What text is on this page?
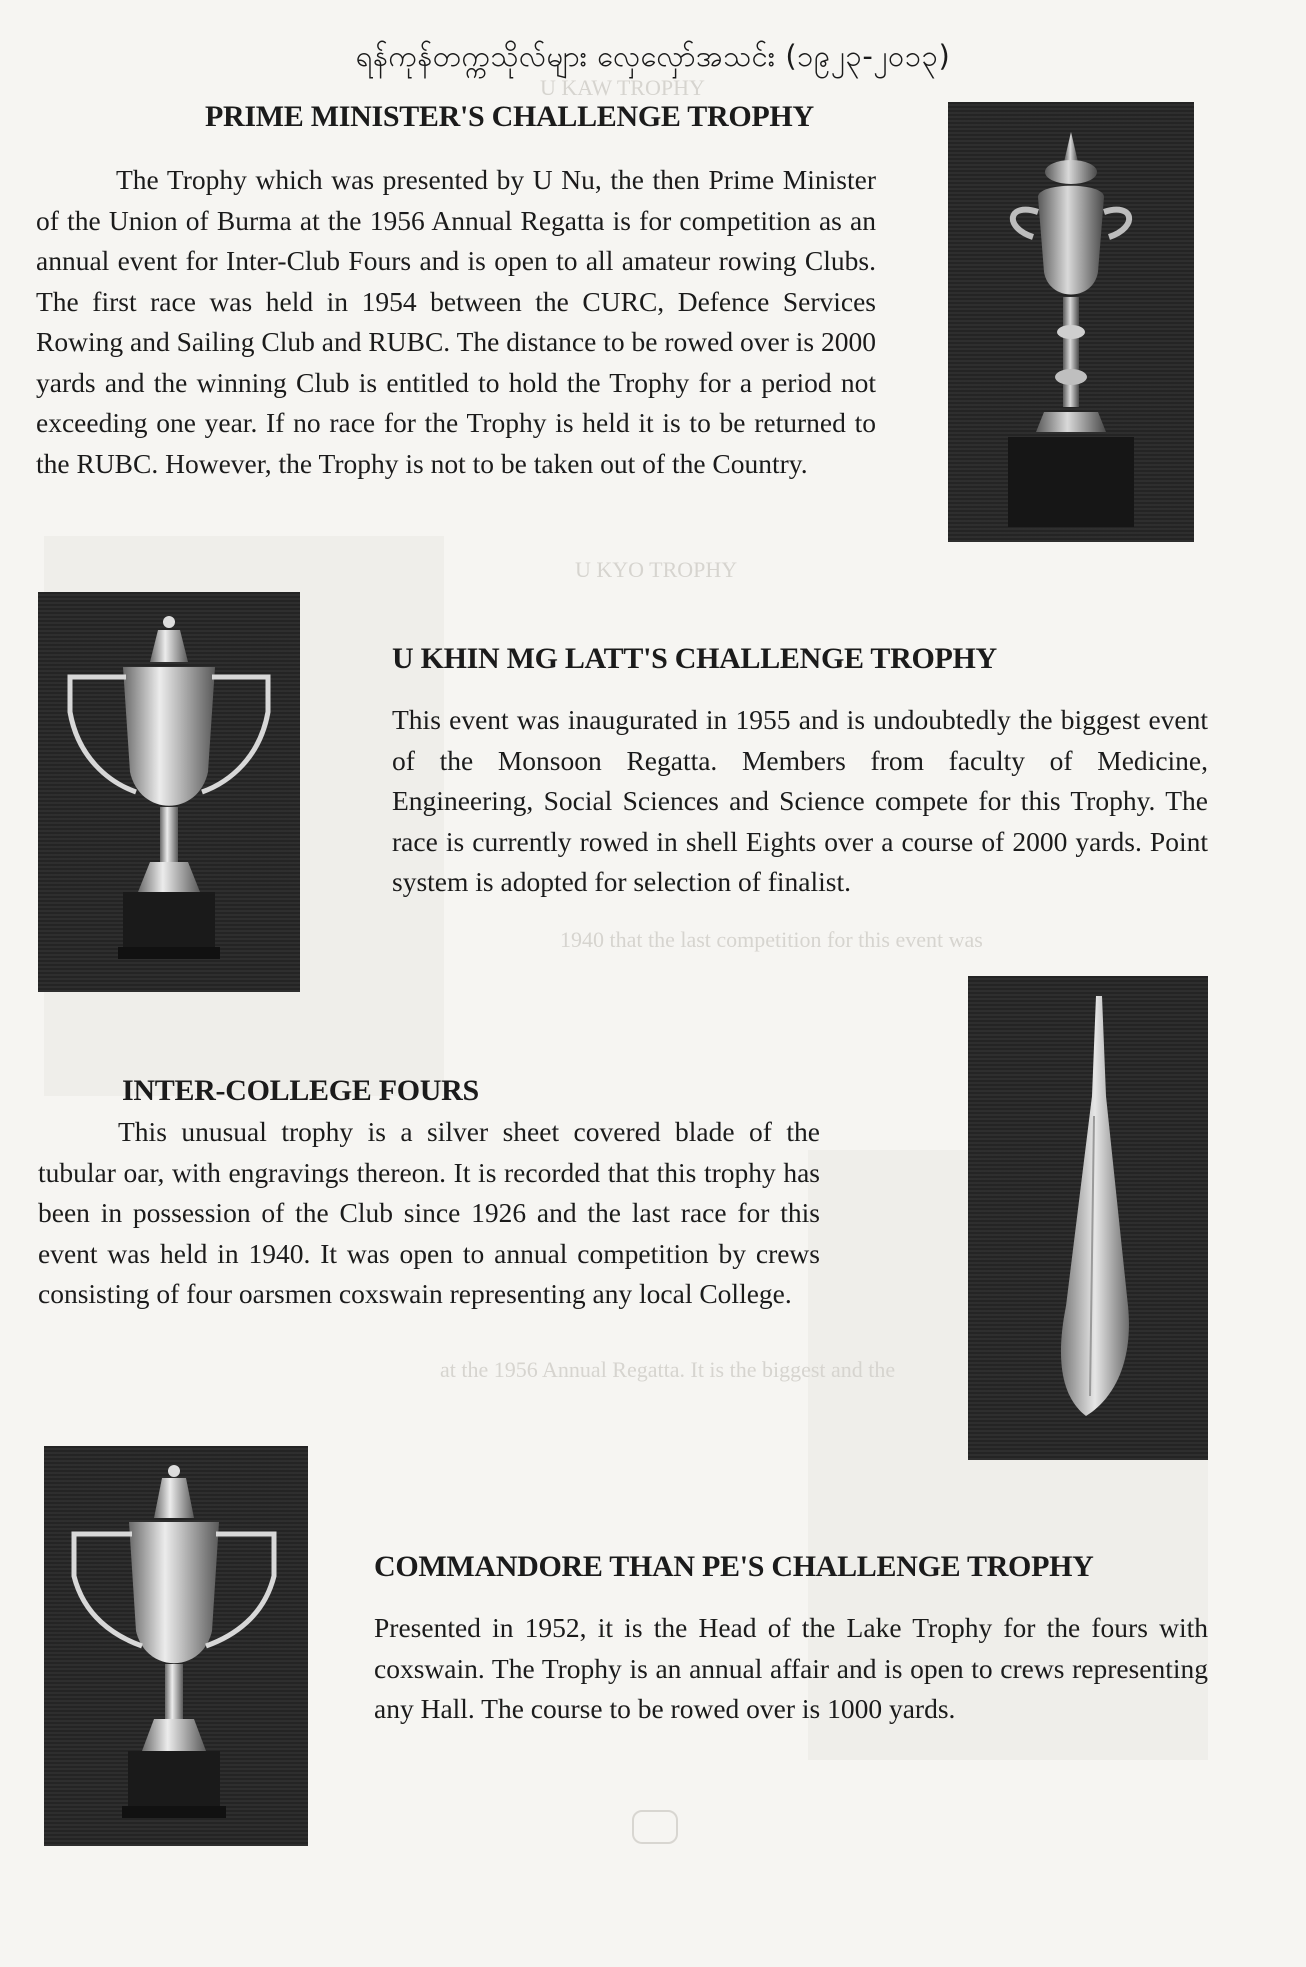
U KAW TROPHY
U KYO TROPHY
1940 that the last competition for this event was
at the 1956 Annual Regatta. It is the biggest and the
ရန်ကုန်တက္ကသိုလ်များ လှေလှော်အသင်း (၁၉၂၃-၂၀၁၃)
PRIME MINISTER'S CHALLENGE TROPHY

The Trophy which was presented by U Nu, the then Prime Minister of the Union of Burma at the 1956 Annual Regatta is for competition as an annual event for Inter-Club Fours and is open to all amateur rowing Clubs. The first race was held in 1954 between the CURC, Defence Services Rowing and Sailing Club and RUBC. The distance to be rowed over is 2000 yards and the winning Club is entitled to hold the Trophy for a period not exceeding one year. If no race for the Trophy is held it is to be returned to the RUBC. However, the Trophy is not to be taken out of the Country.

U KHIN MG LATT'S CHALLENGE TROPHY

This event was inaugurated in 1955 and is undoubtedly the biggest event of the Monsoon Regatta. Members from faculty of Medicine, Engineering, Social Sciences and Science compete for this Trophy. The race is currently rowed in shell Eights over a course of 2000 yards. Point system is adopted for selection of finalist.

INTER-COLLEGE FOURS

This unusual trophy is a silver sheet covered blade of the tubular oar, with engravings thereon. It is recorded that this trophy has been in possession of the Club since 1926 and the last race for this event was held in 1940. It was open to annual competition by crews consisting of four oarsmen coxswain representing any local College.

COMMANDORE THAN PE'S CHALLENGE TROPHY

Presented in 1952, it is the Head of the Lake Trophy for the fours with coxswain. The Trophy is an annual affair and is open to crews representing any Hall. The course to be rowed over is 1000 yards.
